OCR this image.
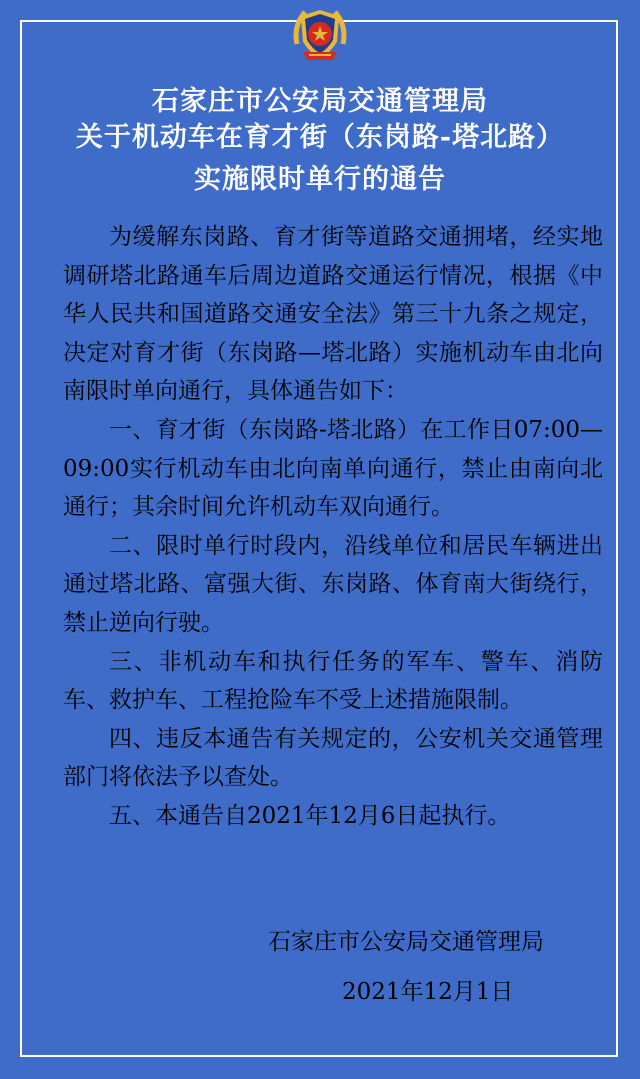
石家庄市公安局交通管理局
关于机动车在育才街（东岗路-塔北路）
实施限时单行的通告

为缓解东岗路、育才街等道路交通拥堵，经实地调研塔北路通车后周边道路交通运行情况，根据《中华人民共和国道路交通安全法》第三十九条之规定，决定对育才街（东岗路—塔北路）实施机动车由北向南限时单向通行，具体通告如下：

一、育才街（东岗路-塔北路）在工作日07:00—09:00实行机动车由北向南单向通行，禁止由南向北通行；其余时间允许机动车双向通行。

二、限时单行时段内，沿线单位和居民车辆进出通过塔北路、富强大街、东岗路、体育南大街绕行，禁止逆向行驶。

三、非机动车和执行任务的军车、警车、消防车、救护车、工程抢险车不受上述措施限制。

四、违反本通告有关规定的，公安机关交通管理部门将依法予以查处。

五、本通告自2021年12月6日起执行。

石家庄市公安局交通管理局
2021年12月1日
